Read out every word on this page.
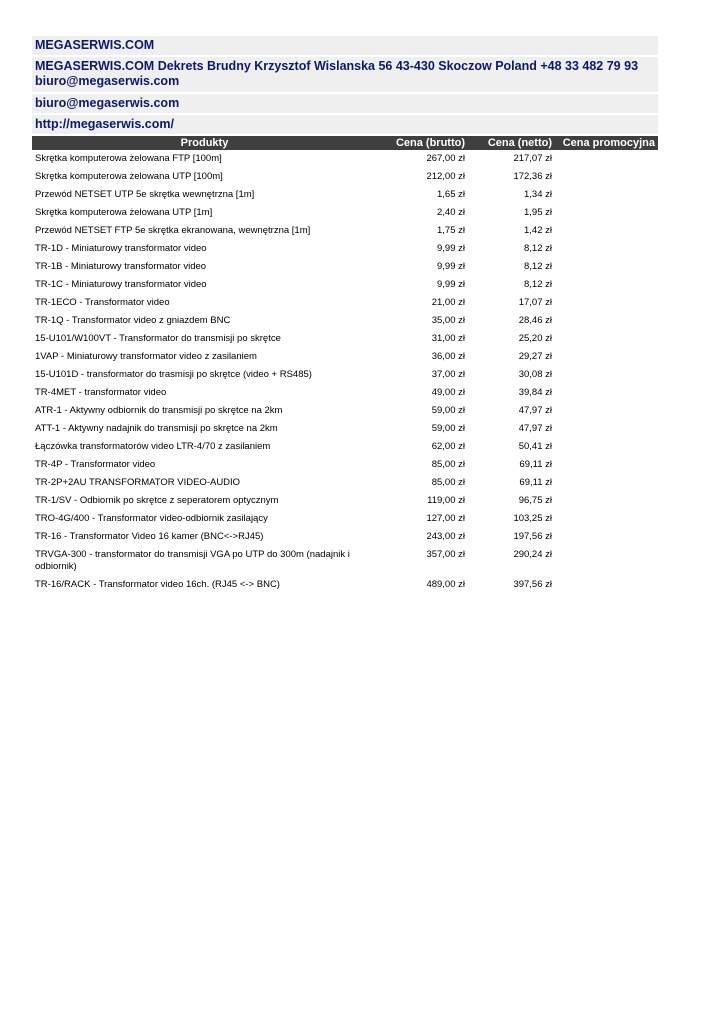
MEGASERWIS.COM
MEGASERWIS.COM Dekrets Brudny Krzysztof Wislanska 56 43-430 Skoczow Poland +48 33 482 79 93 biuro@megaserwis.com
biuro@megaserwis.com
http://megaserwis.com/
Produkty	Cena (brutto)	Cena (netto)	Cena promocyjna
Skrętka komputerowa żelowana FTP [100m]	267,00 zł	217,07 zł	
Skrętka komputerowa żelowana UTP [100m]	212,00 zł	172,36 zł	
Przewód NETSET UTP 5e skrętka wewnętrzna [1m]	1,65 zł	1,34 zł	
Skrętka komputerowa żelowana UTP [1m]	2,40 zł	1,95 zł	
Przewód NETSET FTP 5e skrętka ekranowana, wewnętrzna [1m]	1,75 zł	1,42 zł	
TR-1D - Miniaturowy transformator video	9,99 zł	8,12 zł	
TR-1B - Miniaturowy transformator video	9,99 zł	8,12 zł	
TR-1C - Miniaturowy transformator video	9,99 zł	8,12 zł	
TR-1ECO - Transformator video	21,00 zł	17,07 zł	
TR-1Q - Transformator video z gniazdem BNC	35,00 zł	28,46 zł	
15-U101/W100VT - Transformator do transmisji po skrętce	31,00 zł	25,20 zł	
1VAP - Miniaturowy transformator video z zasilaniem	36,00 zł	29,27 zł	
15-U101D - transformator do trasmisji po skrętce (video + RS485)	37,00 zł	30,08 zł	
TR-4MET - transformator video	49,00 zł	39,84 zł	
ATR-1 - Aktywny odbiornik do transmisji po skrętce na 2km	59,00 zł	47,97 zł	
ATT-1 - Aktywny nadajnik do transmisji po skrętce na 2km	59,00 zł	47,97 zł	
Łączówka transformatorów video LTR-4/70 z zasilaniem	62,00 zł	50,41 zł	
TR-4P - Transformator video	85,00 zł	69,11 zł	
TR-2P+2AU TRANSFORMATOR VIDEO-AUDIO	85,00 zł	69,11 zł	
TR-1/SV - Odbiornik po skrętce z seperatorem optycznym	119,00 zł	96,75 zł	
TRO-4G/400 - Transformator video-odbiornik zasilający	127,00 zł	103,25 zł	
TR-16 - Transformator Video 16 kamer (BNC<->RJ45)	243,00 zł	197,56 zł	
TRVGA-300 - transformator do transmisji VGA po UTP do 300m (nadajnik i odbiornik)	357,00 zł	290,24 zł	
TR-16/RACK - Transformator video 16ch. (RJ45 <-> BNC)	489,00 zł	397,56 zł	
